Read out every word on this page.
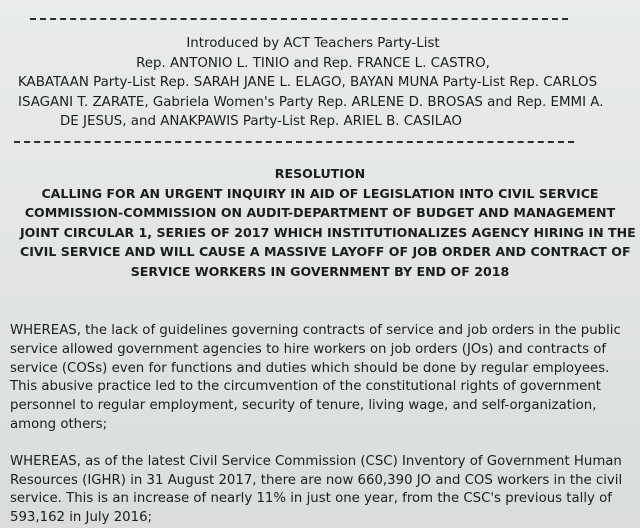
Introduced by ACT Teachers Party-List
Rep. ANTONIO L. TINIO and Rep. FRANCE L. CASTRO,
KABATAAN Party-List Rep. SARAH JANE L. ELAGO, BAYAN MUNA Party-List Rep. CARLOS
ISAGANI T. ZARATE, Gabriela Women's Party Rep. ARLENE D. BROSAS and Rep. EMMI A.
DE JESUS, and ANAKPAWIS Party-List Rep. ARIEL B. CASILAO
RESOLUTION
CALLING FOR AN URGENT INQUIRY IN AID OF LEGISLATION INTO CIVIL SERVICE
COMMISSION-COMMISSION ON AUDIT-DEPARTMENT OF BUDGET AND MANAGEMENT
JOINT CIRCULAR 1, SERIES OF 2017 WHICH INSTITUTIONALIZES AGENCY HIRING IN THE
CIVIL SERVICE AND WILL CAUSE A MASSIVE LAYOFF OF JOB ORDER AND CONTRACT OF
SERVICE WORKERS IN GOVERNMENT BY END OF 2018
WHEREAS, the lack of guidelines governing contracts of service and job orders in the public
service allowed government agencies to hire workers on job orders (JOs) and contracts of
service (COSs) even for functions and duties which should be done by regular employees.
This abusive practice led to the circumvention of the constitutional rights of government
personnel to regular employment, security of tenure, living wage, and self-organization,
among others;
WHEREAS, as of the latest Civil Service Commission (CSC) Inventory of Government Human
Resources (IGHR) in 31 August 2017, there are now 660,390 JO and COS workers in the civil
service. This is an increase of nearly 11% in just one year, from the CSC's previous tally of
593,162 in July 2016;
